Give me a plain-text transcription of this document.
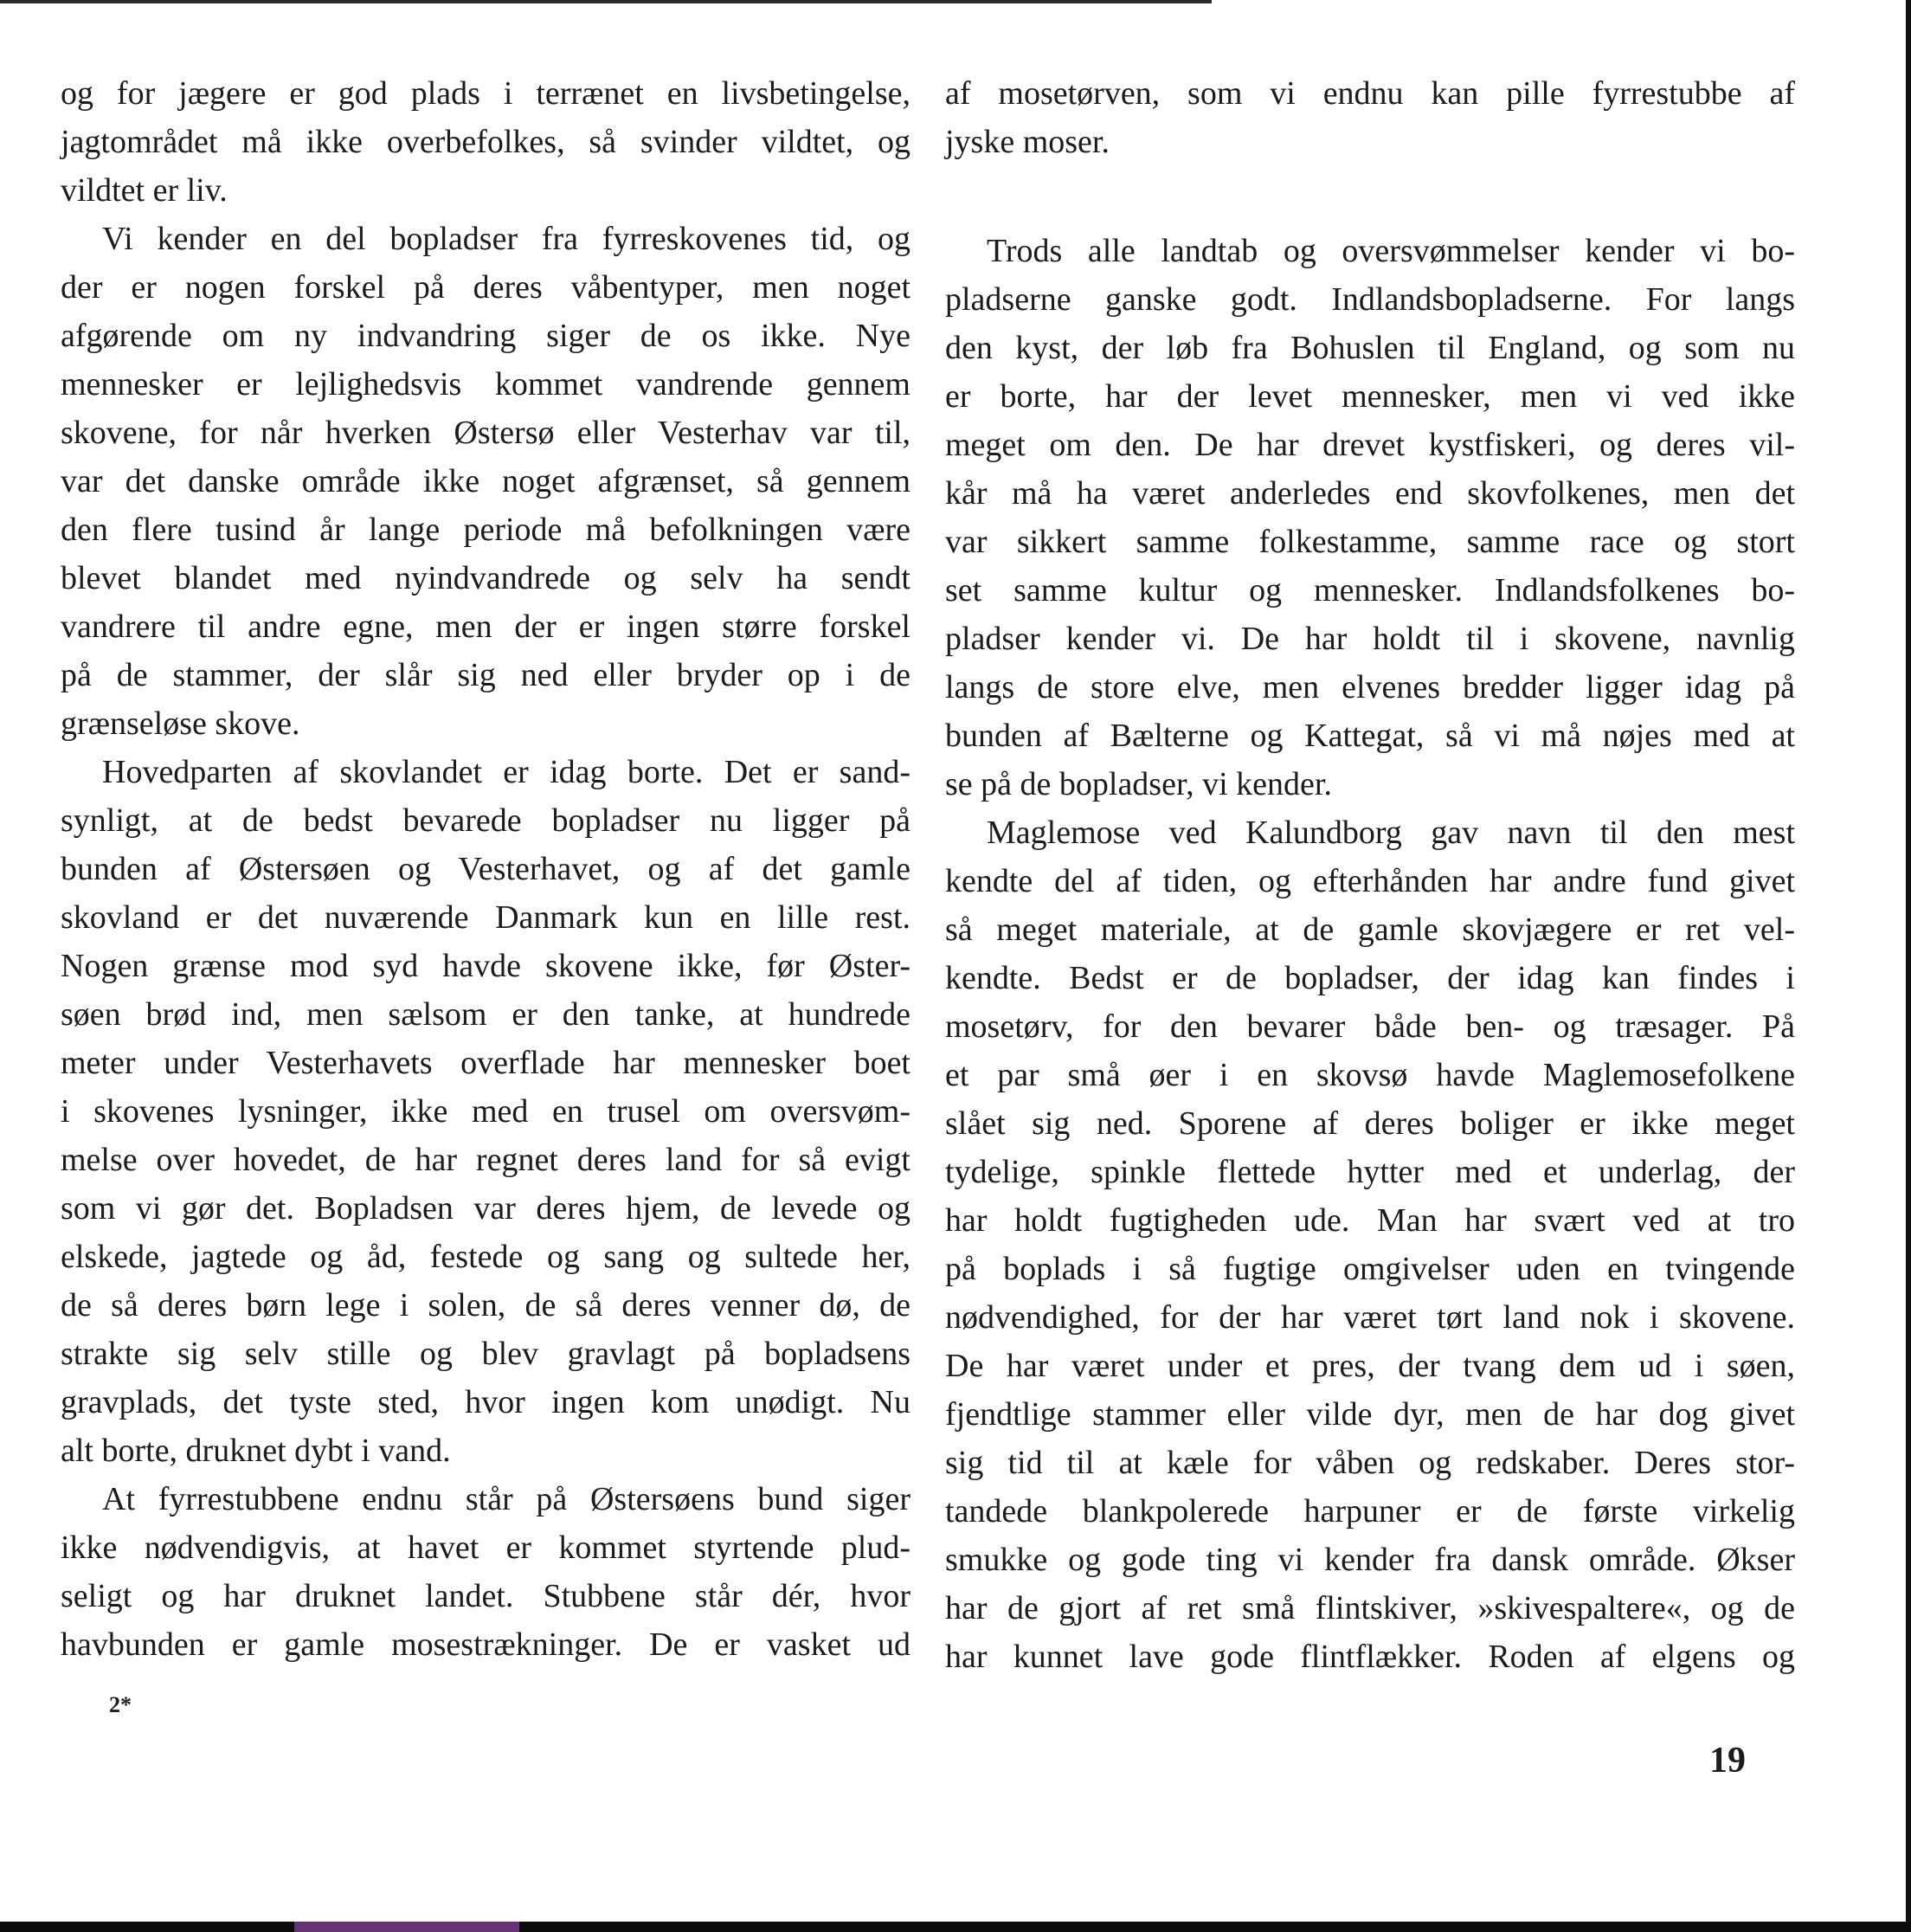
og for jægere er god plads i terrænet en livsbetingelse,
jagtområdet må ikke overbefolkes, så svinder vildtet, og
vildtet er liv.
Vi kender en del bopladser fra fyrreskovenes tid, og
der er nogen forskel på deres våbentyper, men noget
afgørende om ny indvandring siger de os ikke. Nye
mennesker er lejlighedsvis kommet vandrende gennem
skovene, for når hverken Østersø eller Vesterhav var til,
var det danske område ikke noget afgrænset, så gennem
den flere tusind år lange periode må befolkningen være
blevet blandet med nyindvandrede og selv ha sendt
vandrere til andre egne, men der er ingen større forskel
på de stammer, der slår sig ned eller bryder op i de
grænseløse skove.
Hovedparten af skovlandet er idag borte. Det er sand-
synligt, at de bedst bevarede bopladser nu ligger på
bunden af Østersøen og Vesterhavet, og af det gamle
skovland er det nuværende Danmark kun en lille rest.
Nogen grænse mod syd havde skovene ikke, før Øster-
søen brød ind, men sælsom er den tanke, at hundrede
meter under Vesterhavets overflade har mennesker boet
i skovenes lysninger, ikke med en trusel om oversvøm-
melse over hovedet, de har regnet deres land for så evigt
som vi gør det. Bopladsen var deres hjem, de levede og
elskede, jagtede og åd, festede og sang og sultede her,
de så deres børn lege i solen, de så deres venner dø, de
strakte sig selv stille og blev gravlagt på bopladsens
gravplads, det tyste sted, hvor ingen kom unødigt. Nu
alt borte, druknet dybt i vand.
At fyrrestubbene endnu står på Østersøens bund siger
ikke nødvendigvis, at havet er kommet styrtende plud-
seligt og har druknet landet. Stubbene står dér, hvor
havbunden er gamle mosestrækninger. De er vasket ud
af mosetørven, som vi endnu kan pille fyrrestubbe af
jyske moser.
Trods alle landtab og oversvømmelser kender vi bo-
pladserne ganske godt. Indlandsbopladserne. For langs
den kyst, der løb fra Bohuslen til England, og som nu
er borte, har der levet mennesker, men vi ved ikke
meget om den. De har drevet kystfiskeri, og deres vil-
kår må ha været anderledes end skovfolkenes, men det
var sikkert samme folkestamme, samme race og stort
set samme kultur og mennesker. Indlandsfolkenes bo-
pladser kender vi. De har holdt til i skovene, navnlig
langs de store elve, men elvenes bredder ligger idag på
bunden af Bælterne og Kattegat, så vi må nøjes med at
se på de bopladser, vi kender.
Maglemose ved Kalundborg gav navn til den mest
kendte del af tiden, og efterhånden har andre fund givet
så meget materiale, at de gamle skovjægere er ret vel-
kendte. Bedst er de bopladser, der idag kan findes i
mosetørv, for den bevarer både ben- og træsager. På
et par små øer i en skovsø havde Maglemosefolkene
slået sig ned. Sporene af deres boliger er ikke meget
tydelige, spinkle flettede hytter med et underlag, der
har holdt fugtigheden ude. Man har svært ved at tro
på boplads i så fugtige omgivelser uden en tvingende
nødvendighed, for der har været tørt land nok i skovene.
De har været under et pres, der tvang dem ud i søen,
fjendtlige stammer eller vilde dyr, men de har dog givet
sig tid til at kæle for våben og redskaber. Deres stor-
tandede blankpolerede harpuner er de første virkelig
smukke og gode ting vi kender fra dansk område. Økser
har de gjort af ret små flintskiver, »skivespaltere«, og de
har kunnet lave gode flintflækker. Roden af elgens og
2*
19
